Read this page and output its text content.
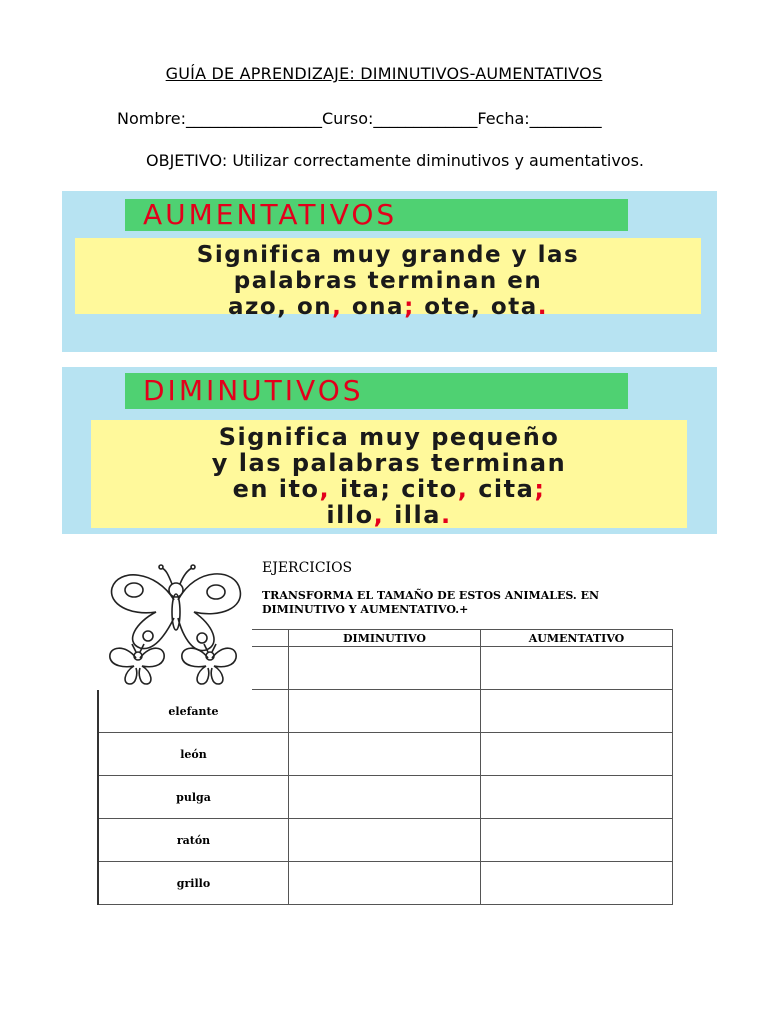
GUÍA DE APRENDIZAJE: DIMINUTIVOS-AUMENTATIVOS
Nombre:_________________Curso:_____________Fecha:_________
OBJETIVO: Utilizar correctamente diminutivos y aumentativos.
AUMENTATIVOS
Significa muy grande y las
palabras terminan en
azo, on, ona; ote, ota.
DIMINUTIVOS
Significa muy pequeño
y las palabras terminan
en ito, ita; cito, cita;
illo, illa.
EJERCICIOS
TRANSFORMA EL TAMAÑO DE ESTOS ANIMALES. EN DIMINUTIVO Y AUMENTATIVO.+
	DIMINUTIVO	AUMENTATIVO

elefante		
león		
pulga		
ratón		
grillo		
